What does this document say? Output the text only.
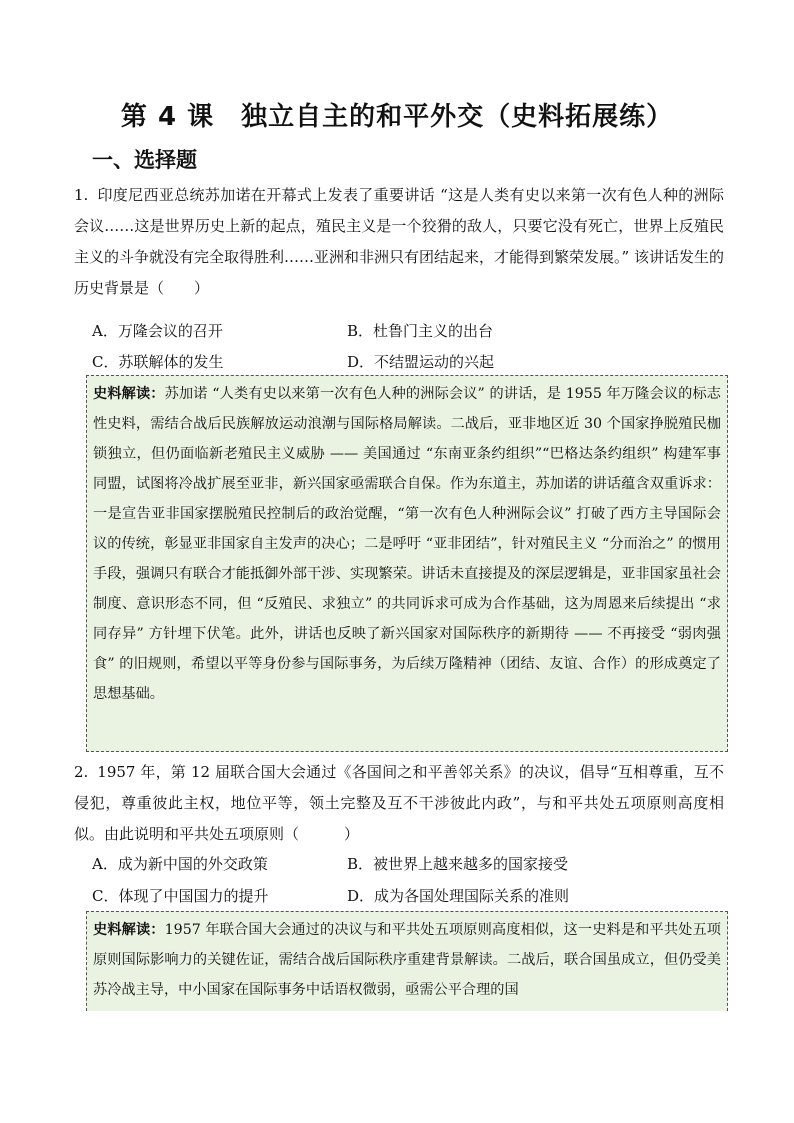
第 4 课　独立自主的和平外交（史料拓展练）
一、选择题
1. 印度尼西亚总统苏加诺在开幕式上发表了重要讲话 “这是人类有史以来第一次有色人种的洲际会议……这是世界历史上新的起点，殖民主义是一个狡猾的敌人，只要它没有死亡，世界上反殖民主义的斗争就没有完全取得胜利……亚洲和非洲只有团结起来，才能得到繁荣发展。” 该讲话发生的历史背景是（　　）
A．万隆会议的召开	B．杜鲁门主义的出台
C．苏联解体的发生	D．不结盟运动的兴起
史料解读：苏加诺 “人类有史以来第一次有色人种的洲际会议” 的讲话，是 1955 年万隆会议的标志性史料，需结合战后民族解放运动浪潮与国际格局解读。二战后，亚非地区近 30 个国家挣脱殖民枷锁独立，但仍面临新老殖民主义威胁 —— 美国通过 “东南亚条约组织”“巴格达条约组织” 构建军事同盟，试图将冷战扩展至亚非，新兴国家亟需联合自保。作为东道主，苏加诺的讲话蕴含双重诉求：一是宣告亚非国家摆脱殖民控制后的政治觉醒，“第一次有色人种洲际会议” 打破了西方主导国际会议的传统，彰显亚非国家自主发声的决心；二是呼吁 “亚非团结”，针对殖民主义 “分而治之” 的惯用手段，强调只有联合才能抵御外部干涉、实现繁荣。讲话未直接提及的深层逻辑是，亚非国家虽社会制度、意识形态不同，但 “反殖民、求独立” 的共同诉求可成为合作基础，这为周恩来后续提出 “求同存异” 方针埋下伏笔。此外，讲话也反映了新兴国家对国际秩序的新期待 —— 不再接受 “弱肉强食” 的旧规则，希望以平等身份参与国际事务，为后续万隆精神（团结、友谊、合作）的形成奠定了思想基础。
2. 1957 年，第 12 届联合国大会通过《各国间之和平善邻关系》的决议，倡导“互相尊重，互不侵犯，尊重彼此主权，地位平等，领土完整及互不干涉彼此内政”，与和平共处五项原则高度相似。由此说明和平共处五项原则（　　　）
A．成为新中国的外交政策	B．被世界上越来越多的国家接受
C．体现了中国国力的提升	D．成为各国处理国际关系的准则
史料解读：1957 年联合国大会通过的决议与和平共处五项原则高度相似，这一史料是和平共处五项原则国际影响力的关键佐证，需结合战后国际秩序重建背景解读。二战后，联合国虽成立，但仍受美苏冷战主导，中小国家在国际事务中话语权微弱，亟需公平合理的国
